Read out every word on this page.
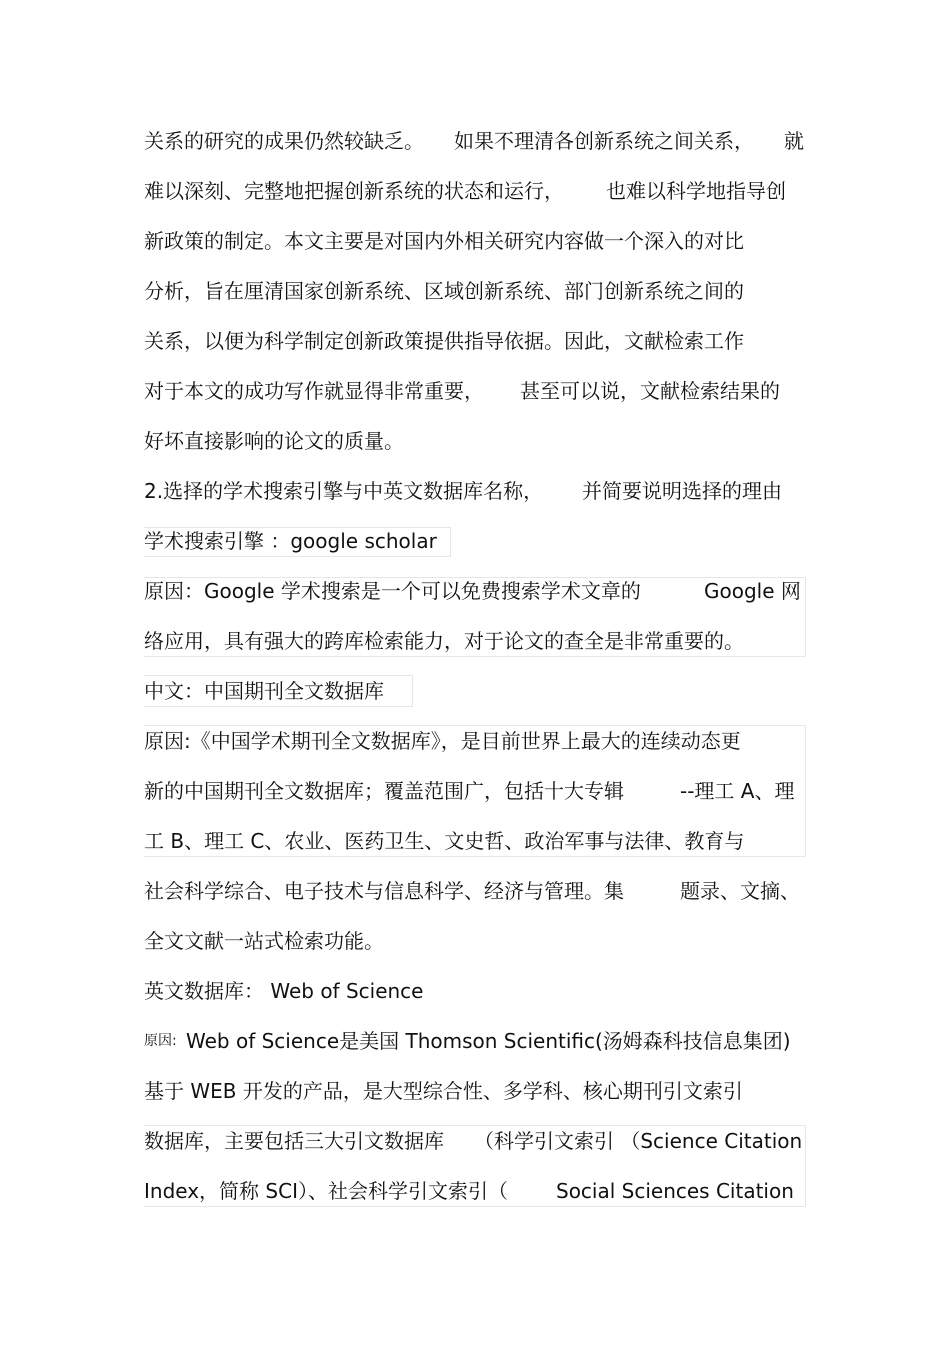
关系的研究的成果仍然较缺乏。 如果不理清各创新系统之间关系， 就
难以深刻、完整地把握创新系统的状态和运行， 也难以科学地指导创
新政策的制定。本文主要是对国内外相关研究内容做一个深入的对比
分析，旨在厘清国家创新系统、区域创新系统、部门创新系统之间的
关系，以便为科学制定创新政策提供指导依据。因此，文献检索工作
对于本文的成功写作就显得非常重要， 甚至可以说，文献检索结果的
好坏直接影响的论文的质量。
2.选择的学术搜索引擎与中英文数据库名称， 并简要说明选择的理由
学术搜索引擎 ：google scholar
原因：Google 学术搜索是一个可以免费搜索学术文章的	Google 网
络应用，具有强大的跨库检索能力，对于论文的查全是非常重要的。
中文：中国期刊全文数据库
原因:《中国学术期刊全文数据库》，是目前世界上最大的连续动态更
新的中国期刊全文数据库；覆盖范围广，包括十大专辑	--理工 A、理
工 B、理工 C、农业、医药卫生、文史哲、政治军事与法律、教育与
社会科学综合、电子技术与信息科学、经济与管理。集	题录、文摘、
全文文献一站式检索功能。
英文数据库： Web of Science
原因: Web of Science是美国 Thomson Scientific(汤姆森科技信息集团)
基于 WEB 开发的产品，是大型综合性、多学科、核心期刊引文索引
数据库，主要包括三大引文数据库 （科学引文索引 （Science Citation
Index，简称 SCI）、社会科学引文索引（ Social Sciences Citation
